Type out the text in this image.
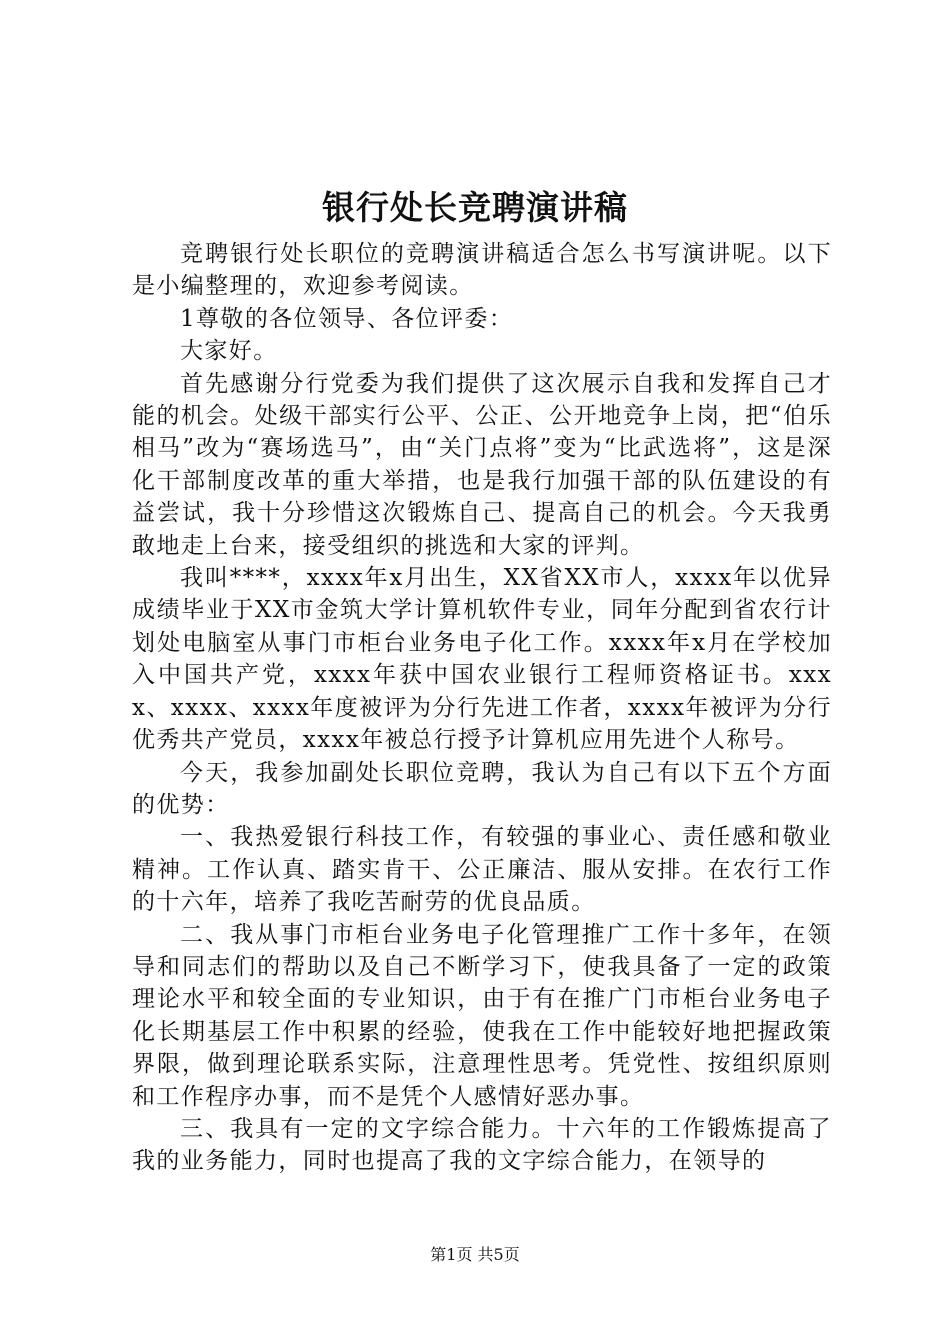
银行处长竞聘演讲稿

竞聘银行处长职位的竞聘演讲稿适合怎么书写演讲呢。以下是小编整理的，欢迎参考阅读。

1尊敬的各位领导、各位评委：

大家好。

首先感谢分行党委为我们提供了这次展示自我和发挥自己才能的机会。处级干部实行公平、公正、公开地竞争上岗，把“伯乐相马”改为“赛场选马”，由“关门点将”变为“比武选将”，这是深化干部制度改革的重大举措，也是我行加强干部的队伍建设的有益尝试，我十分珍惜这次锻炼自己、提高自己的机会。今天我勇敢地走上台来，接受组织的挑选和大家的评判。

我叫****，xxxx年x月出生，XX省XX市人，xxxx年以优异成绩毕业于XX市金筑大学计算机软件专业，同年分配到省农行计划处电脑室从事门市柜台业务电子化工作。xxxx年x月在学校加入中国共产党，xxxx年获中国农业银行工程师资格证书。xxxx、xxxx、xxxx年度被评为分行先进工作者，xxxx年被评为分行优秀共产党员，xxxx年被总行授予计算机应用先进个人称号。

今天，我参加副处长职位竞聘，我认为自己有以下五个方面的优势：

一、我热爱银行科技工作，有较强的事业心、责任感和敬业精神。工作认真、踏实肯干、公正廉洁、服从安排。在农行工作的十六年，培养了我吃苦耐劳的优良品质。

二、我从事门市柜台业务电子化管理推广工作十多年，在领导和同志们的帮助以及自己不断学习下，使我具备了一定的政策理论水平和较全面的专业知识，由于有在推广门市柜台业务电子化长期基层工作中积累的经验，使我在工作中能较好地把握政策界限，做到理论联系实际，注意理性思考。凭党性、按组织原则和工作程序办事，而不是凭个人感情好恶办事。

三、我具有一定的文字综合能力。十六年的工作锻炼提高了我的业务能力，同时也提高了我的文字综合能力，在领导的

第1页 共5页
